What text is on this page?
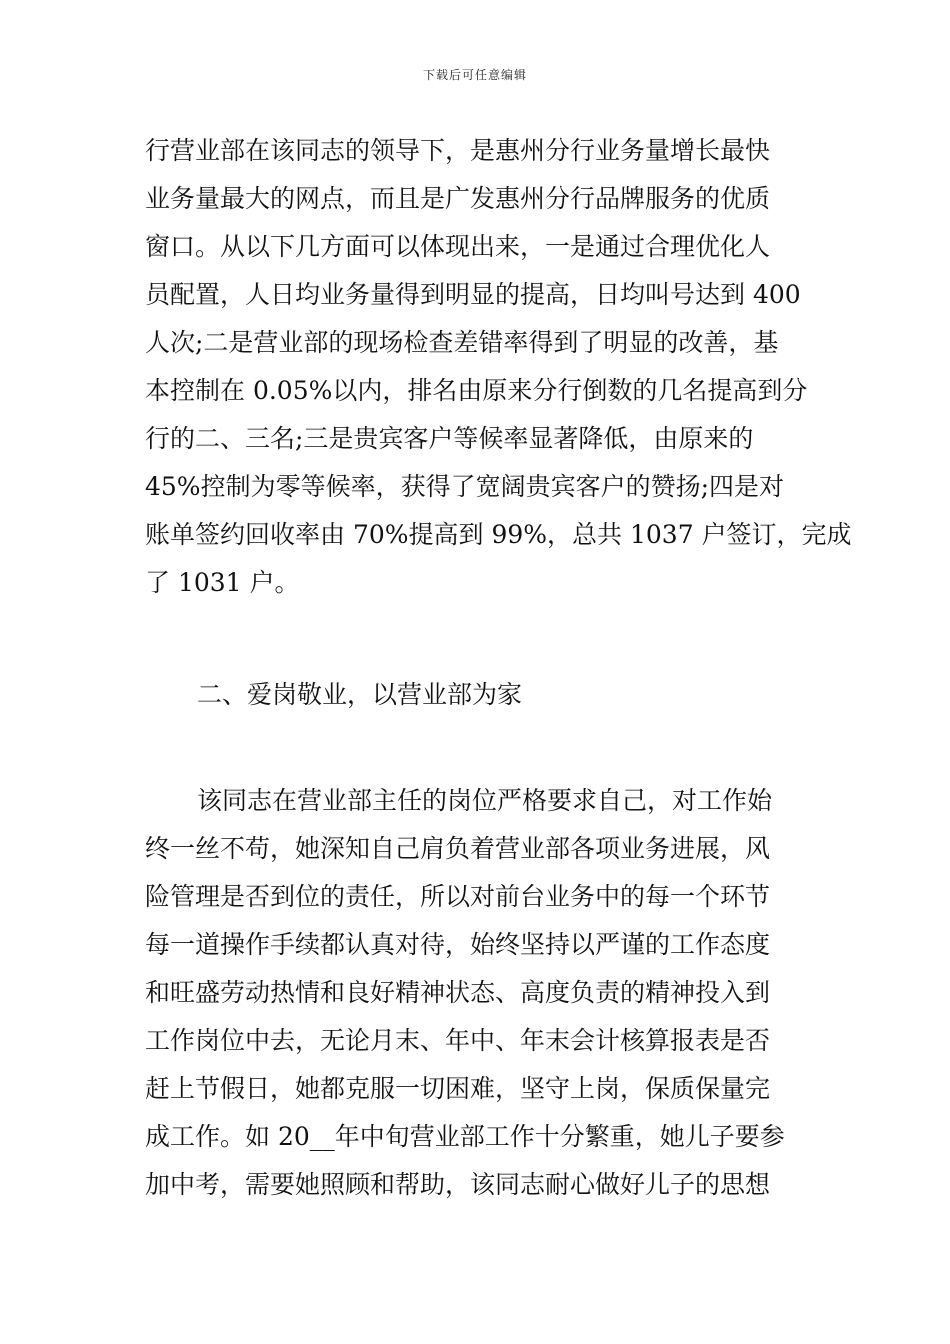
下载后可任意编辑
行营业部在该同志的领导下，是惠州分行业务量增长最快
业务量最大的网点，而且是广发惠州分行品牌服务的优质
窗口。从以下几方面可以体现出来，一是通过合理优化人
员配置，人日均业务量得到明显的提高，日均叫号达到 400
人次;二是营业部的现场检查差错率得到了明显的改善，基
本控制在 0.05%以内，排名由原来分行倒数的几名提高到分
行的二、三名;三是贵宾客户等候率显著降低，由原来的
45%控制为零等候率，获得了宽阔贵宾客户的赞扬;四是对
账单签约回收率由 70%提高到 99%，总共 1037 户签订，完成
了 1031 户。
二、爱岗敬业，以营业部为家
该同志在营业部主任的岗位严格要求自己，对工作始
终一丝不苟，她深知自己肩负着营业部各项业务进展，风
险管理是否到位的责任，所以对前台业务中的每一个环节
每一道操作手续都认真对待，始终坚持以严谨的工作态度
和旺盛劳动热情和良好精神状态、高度负责的精神投入到
工作岗位中去，无论月末、年中、年末会计核算报表是否
赶上节假日，她都克服一切困难，坚守上岗，保质保量完
成工作。如 20__年中旬营业部工作十分繁重，她儿子要参
加中考，需要她照顾和帮助，该同志耐心做好儿子的思想
